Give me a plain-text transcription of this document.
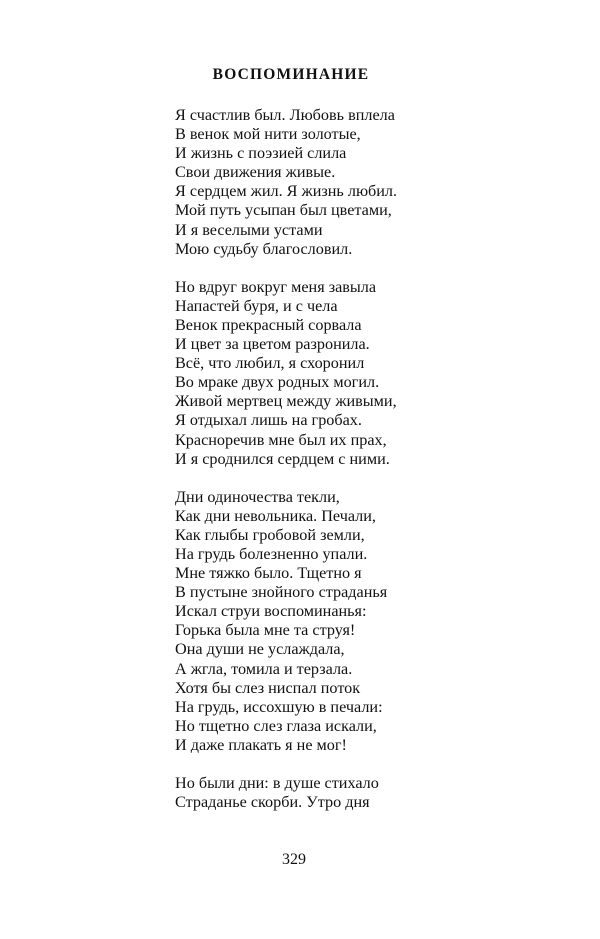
ВОСПОМИНАНИЕ
Я счастлив был. Любовь вплела
В венок мой нити золотые,
И жизнь с поэзией слила
Свои движения живые.
Я сердцем жил. Я жизнь любил.
Мой путь усыпан был цветами,
И я веселыми устами
Мою судьбу благословил.
Но вдруг вокруг меня завыла
Напастей буря, и с чела
Венок прекрасный сорвала
И цвет за цветом разронила.
Всё, что любил, я схоронил
Во мраке двух родных могил.
Живой мертвец между живыми,
Я отдыхал лишь на гробах.
Красноречив мне был их прах,
И я сроднился сердцем с ними.
Дни одиночества текли,
Как дни невольника. Печали,
Как глыбы гробовой земли,
На грудь болезненно упали.
Мне тяжко было. Тщетно я
В пустыне знойного страданья
Искал струи воспоминанья:
Горька была мне та струя!
Она души не услаждала,
А жгла, томила и терзала.
Хотя бы слез ниспал поток
На грудь, иссохшую в печали:
Но тщетно слез глаза искали,
И даже плакать я не мог!
Но были дни: в душе стихало
Страданье скорби. Утро дня
329
